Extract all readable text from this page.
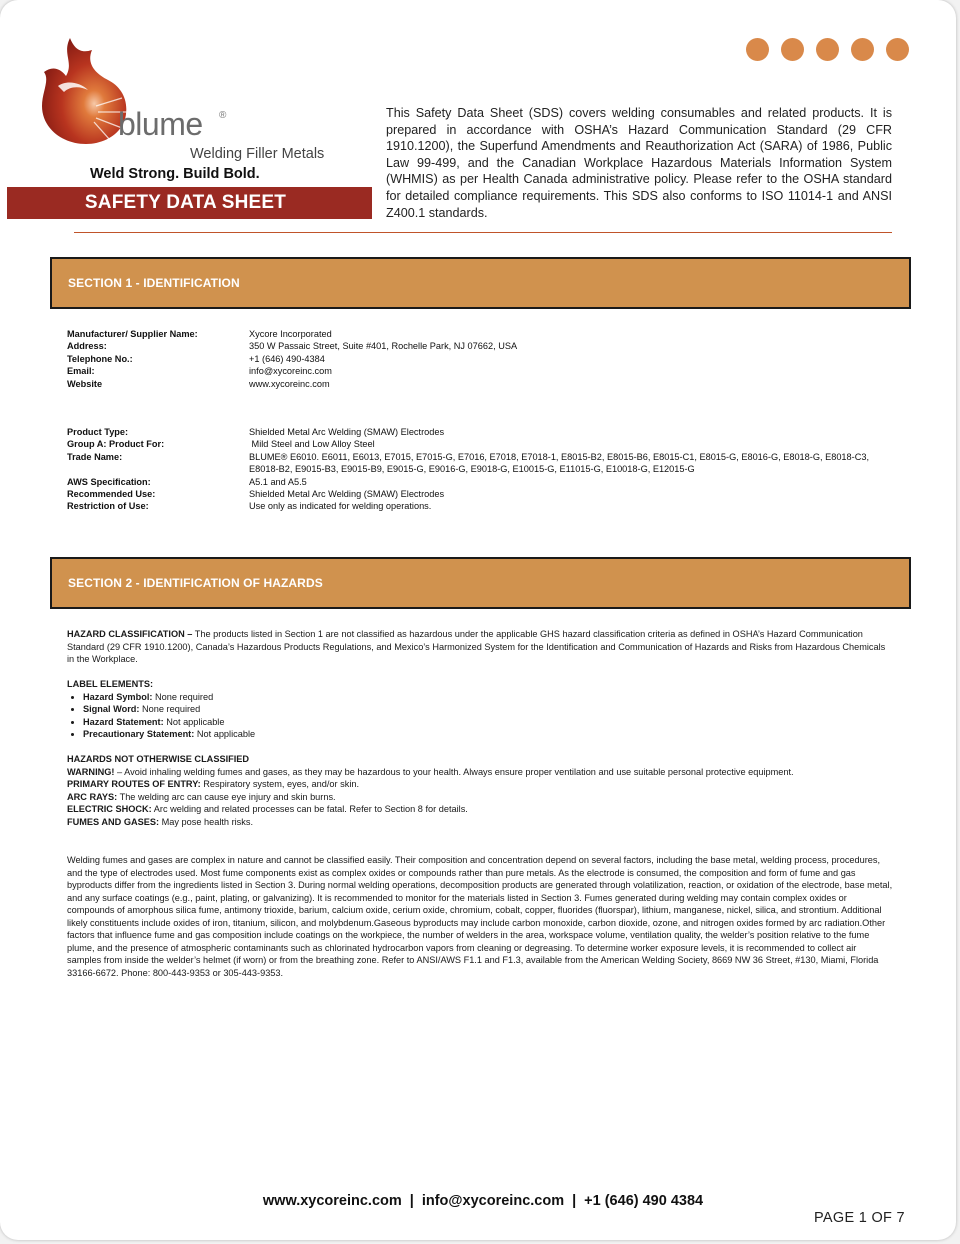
blume ®
Welding Filler Metals
Weld Strong. Build Bold.
SAFETY DATA SHEET
This Safety Data Sheet (SDS) covers welding consumables and related products. It is prepared in accordance with OSHA’s Hazard Communication Standard (29 CFR 1910.1200), the Superfund Amendments and Reauthorization Act (SARA) of 1986, Public Law 99-499, and the Canadian Workplace Hazardous Materials Information System (WHMIS) as per Health Canada administrative policy. Please refer to the OSHA standard for detailed compliance requirements. This SDS also conforms to ISO 11014-1 and ANSI Z400.1 standards.
SECTION 1 - IDENTIFICATION
Manufacturer/ Supplier Name:	Xycore Incorporated
Address:	350 W Passaic Street, Suite #401, Rochelle Park, NJ 07662, USA
Telephone No.:	+1 (646) 490-4384
Email:	info@xycoreinc.com
Website	www.xycoreinc.com
Product Type:	Shielded Metal Arc Welding (SMAW) Electrodes
Group A: Product For:	Mild Steel and Low Alloy Steel
Trade Name:	BLUME® E6010. E6011, E6013, E7015, E7015-G, E7016, E7018, E7018-1, E8015-B2, E8015-B6, E8015-C1, E8015-G, E8016-G, E8018-G, E8018-C3, E8018-B2, E9015-B3, E9015-B9, E9015-G, E9016-G, E9018-G, E10015-G, E11015-G, E10018-G, E12015-G
AWS Specification:	A5.1 and A5.5
Recommended Use:	Shielded Metal Arc Welding (SMAW) Electrodes
Restriction of Use:	Use only as indicated for welding operations.
SECTION 2 - IDENTIFICATION OF HAZARDS

HAZARD CLASSIFICATION – The products listed in Section 1 are not classified as hazardous under the applicable GHS hazard classification criteria as defined in OSHA’s Hazard Communication Standard (29 CFR 1910.1200), Canada’s Hazardous Products Regulations, and Mexico’s Harmonized System for the Identification and Communication of Hazards and Risks from Hazardous Chemicals in the Workplace.

LABEL ELEMENTS:

• Hazard Symbol: None required
• Signal Word: None required
• Hazard Statement: Not applicable
• Precautionary Statement: Not applicable

HAZARDS NOT OTHERWISE CLASSIFIED

WARNING! – Avoid inhaling welding fumes and gases, as they may be hazardous to your health. Always ensure proper ventilation and use suitable personal protective equipment.

PRIMARY ROUTES OF ENTRY: Respiratory system, eyes, and/or skin.

ARC RAYS: The welding arc can cause eye injury and skin burns.

ELECTRIC SHOCK: Arc welding and related processes can be fatal. Refer to Section 8 for details.

FUMES AND GASES: May pose health risks.

Welding fumes and gases are complex in nature and cannot be classified easily. Their composition and concentration depend on several factors, including the base metal, welding process, procedures, and the type of electrodes used. Most fume components exist as complex oxides or compounds rather than pure metals. As the electrode is consumed, the composition and form of fume and gas byproducts differ from the ingredients listed in Section 3. During normal welding operations, decomposition products are generated through volatilization, reaction, or oxidation of the electrode, base metal, and any surface coatings (e.g., paint, plating, or galvanizing). It is recommended to monitor for the materials listed in Section 3. Fumes generated during welding may contain complex oxides or compounds of amorphous silica fume, antimony trioxide, barium, calcium oxide, cerium oxide, chromium, cobalt, copper, fluorides (fluorspar), lithium, manganese, nickel, silica, and strontium. Additional likely constituents include oxides of iron, titanium, silicon, and molybdenum.Gaseous byproducts may include carbon monoxide, carbon dioxide, ozone, and nitrogen oxides formed by arc radiation.Other factors that influence fume and gas composition include coatings on the workpiece, the number of welders in the area, workspace volume, ventilation quality, the welder’s position relative to the fume plume, and the presence of atmospheric contaminants such as chlorinated hydrocarbon vapors from cleaning or degreasing. To determine worker exposure levels, it is recommended to collect air samples from inside the welder’s helmet (if worn) or from the breathing zone. Refer to ANSI/AWS F1.1 and F1.3, available from the American Welding Society, 8669 NW 36 Street, #130, Miami, Florida 33166-6672. Phone: 800-443-9353 or 305-443-9353.

www.xycoreinc.com | info@xycoreinc.com | +1 (646) 490 4384
PAGE 1 OF 7
